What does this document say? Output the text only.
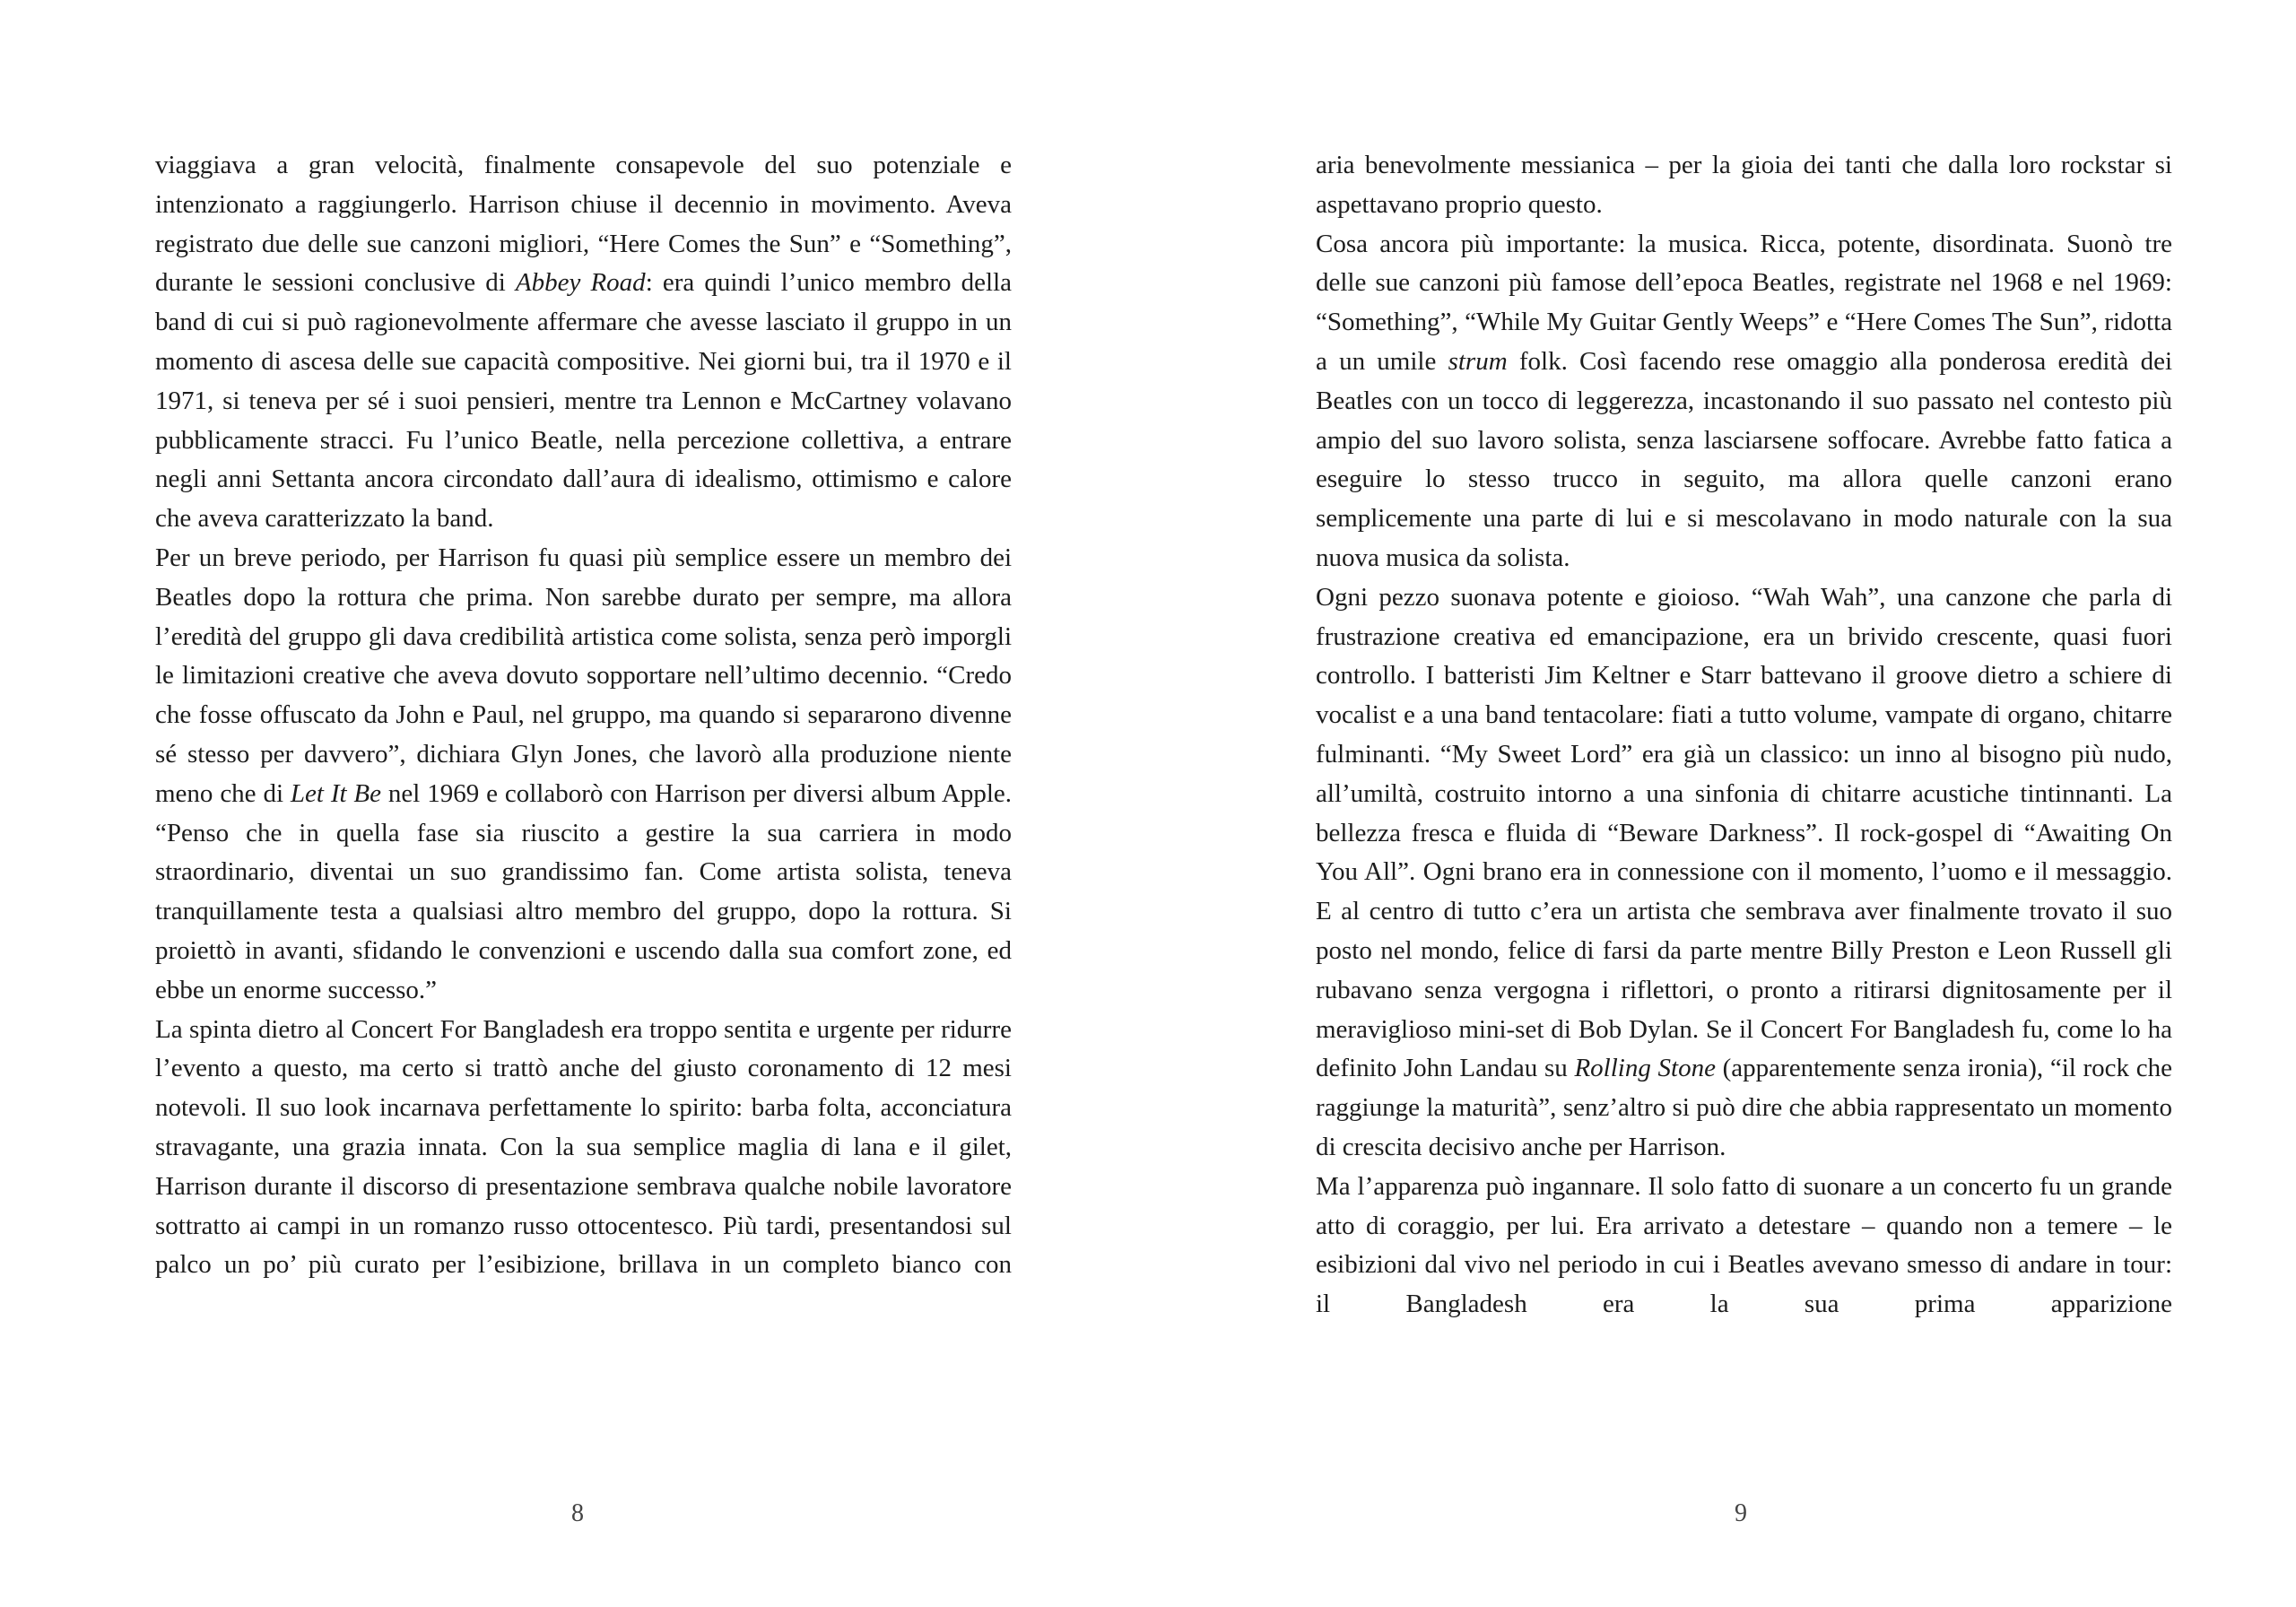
viaggiava a gran velocità, finalmente consapevole del suo potenziale e intenzionato a raggiungerlo. Harrison chiuse il decennio in movimento. Aveva registrato due delle sue canzoni migliori, “Here Comes the Sun” e “Something”, durante le sessioni conclusive di Abbey Road: era quindi l’unico membro della band di cui si può ragionevolmente affermare che avesse lasciato il gruppo in un momento di ascesa delle sue capacità compositive. Nei giorni bui, tra il 1970 e il 1971, si teneva per sé i suoi pensieri, mentre tra Lennon e McCartney volavano pubblicamente stracci. Fu l’unico Beatle, nella percezione collettiva, a entrare negli anni Settanta ancora circondato dall’aura di idealismo, ottimismo e calore che aveva caratterizzato la band.

Per un breve periodo, per Harrison fu quasi più semplice essere un membro dei Beatles dopo la rottura che prima. Non sarebbe durato per sempre, ma allora l’eredità del gruppo gli dava credibilità artistica come solista, senza però imporgli le limitazioni creative che aveva dovuto sopportare nell’ultimo decennio. “Credo che fosse offuscato da John e Paul, nel gruppo, ma quando si separarono divenne sé stesso per davvero”, dichiara Glyn Jones, che lavorò alla produzione niente meno che di Let It Be nel 1969 e collaborò con Harrison per diversi album Apple. “Penso che in quella fase sia riuscito a gestire la sua carriera in modo straordinario, diventai un suo grandissimo fan. Come artista solista, teneva tranquillamente testa a qualsiasi altro membro del gruppo, dopo la rottura. Si proiettò in avanti, sfidando le convenzioni e uscendo dalla sua comfort zone, ed ebbe un enorme successo.”

La spinta dietro al Concert For Bangladesh era troppo sentita e urgente per ridurre l’evento a questo, ma certo si trattò anche del giusto coronamento di 12 mesi notevoli. Il suo look incarnava perfettamente lo spirito: barba folta, acconciatura stravagante, una grazia innata. Con la sua semplice maglia di lana e il gilet, Harrison durante il discorso di presentazione sembrava qualche nobile lavoratore sottratto ai campi in un romanzo russo ottocentesco. Più tardi, presentandosi sul palco un po’ più curato per l’esibizione, brillava in un completo bianco con

8

aria benevolmente messianica – per la gioia dei tanti che dalla loro rockstar si aspettavano proprio questo.

Cosa ancora più importante: la musica. Ricca, potente, disordinata. Suonò tre delle sue canzoni più famose dell’epoca Beatles, registrate nel 1968 e nel 1969: “Something”, “While My Guitar Gently Weeps” e “Here Comes The Sun”, ridotta a un umile strum folk. Così facendo rese omaggio alla ponderosa eredità dei Beatles con un tocco di leggerezza, incastonando il suo passato nel contesto più ampio del suo lavoro solista, senza lasciarsene soffocare. Avrebbe fatto fatica a eseguire lo stesso trucco in seguito, ma allora quelle canzoni erano semplicemente una parte di lui e si mescolavano in modo naturale con la sua nuova musica da solista.

Ogni pezzo suonava potente e gioioso. “Wah Wah”, una canzone che parla di frustrazione creativa ed emancipazione, era un brivido crescente, quasi fuori controllo. I batteristi Jim Keltner e Starr battevano il groove dietro a schiere di vocalist e a una band tentacolare: fiati a tutto volume, vampate di organo, chitarre fulminanti. “My Sweet Lord” era già un classico: un inno al bisogno più nudo, all’umiltà, costruito intorno a una sinfonia di chitarre acustiche tintinnanti. La bellezza fresca e fluida di “Beware Darkness”. Il rock-gospel di “Awaiting On You All”. Ogni brano era in connessione con il momento, l’uomo e il messaggio. E al centro di tutto c’era un artista che sembrava aver finalmente trovato il suo posto nel mondo, felice di farsi da parte mentre Billy Preston e Leon Russell gli rubavano senza vergogna i riflettori, o pronto a ritirarsi dignitosamente per il meraviglioso mini-set di Bob Dylan. Se il Concert For Bangladesh fu, come lo ha definito John Landau su Rolling Stone (apparentemente senza ironia), “il rock che raggiunge la maturità”, senz’altro si può dire che abbia rappresentato un momento di crescita decisivo anche per Harrison.

Ma l’apparenza può ingannare. Il solo fatto di suonare a un concerto fu un grande atto di coraggio, per lui. Era arrivato a detestare – quando non a temere – le esibizioni dal vivo nel periodo in cui i Beatles avevano smesso di andare in tour: il Bangladesh era la sua prima apparizione

9
